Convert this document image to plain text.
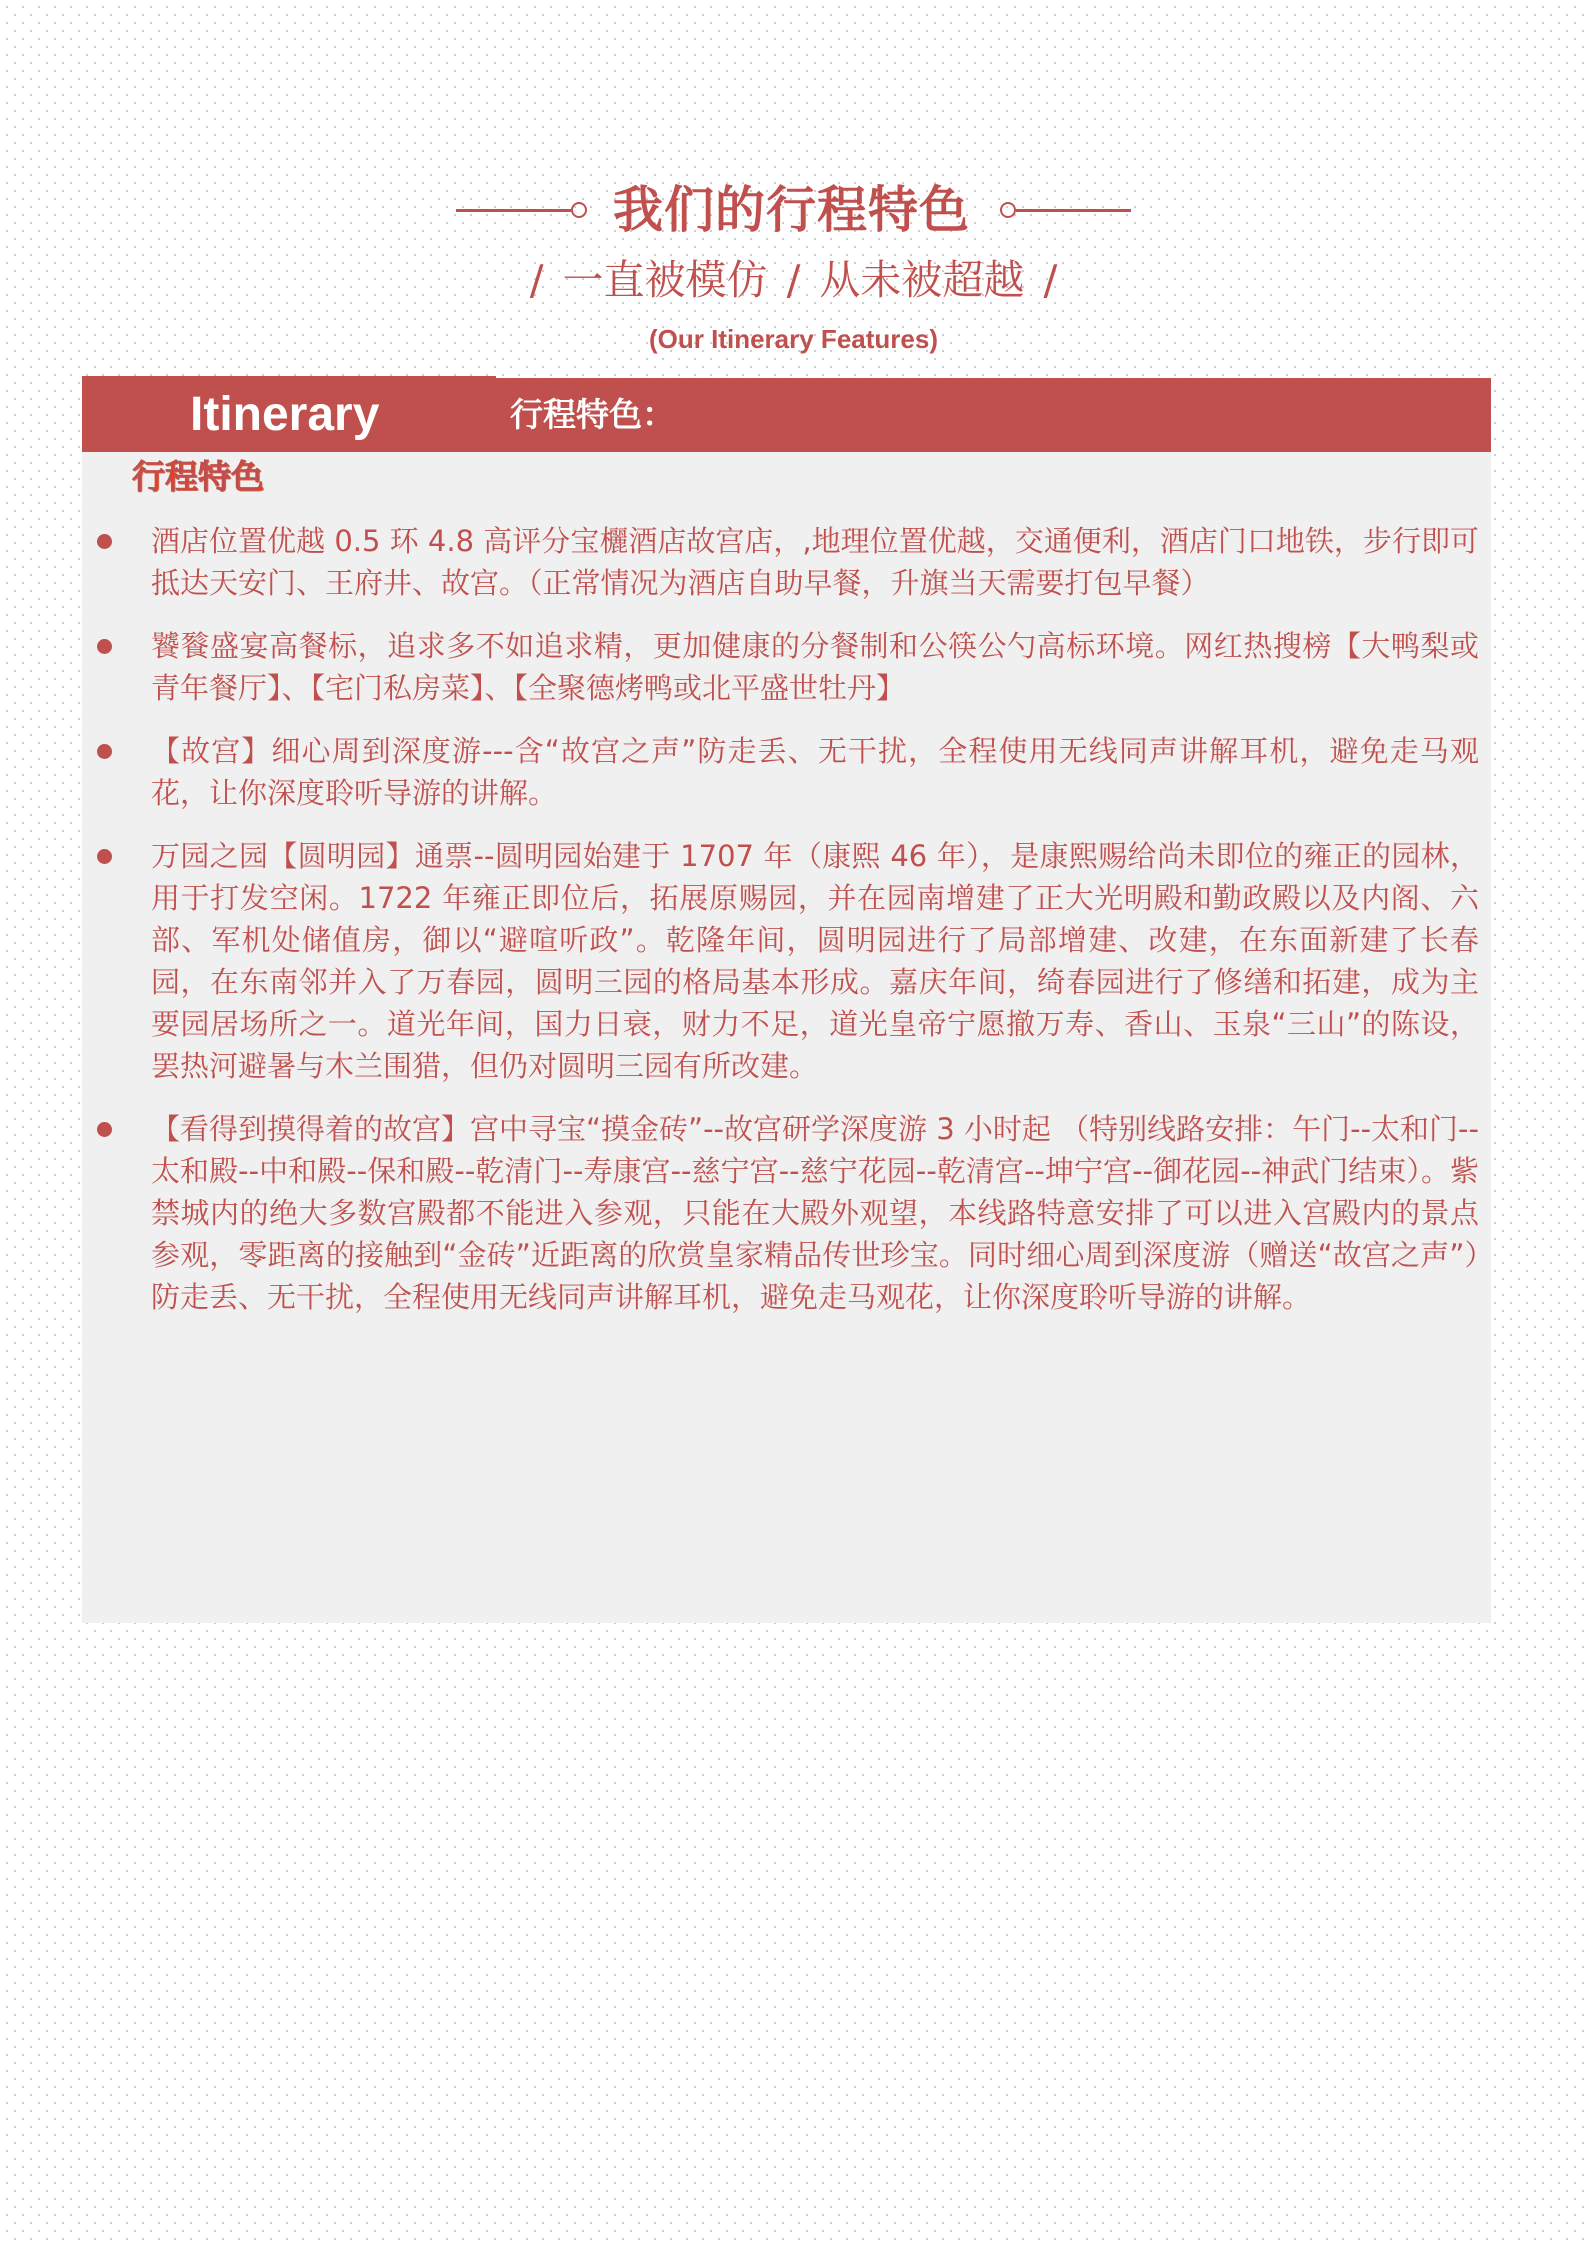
我们的行程特色
/ 一直被模仿 / 从未被超越 /
(Our Itinerary Features)
Itinerary	行程特色：
行程特色
酒店位置优越 0.5 环 4.8 高评分宝欐酒店故宫店，,地理位置优越，交通便利，酒店门口地铁，步行即可抵达天安门、王府井、故宫。（正常情况为酒店自助早餐，升旗当天需要打包早餐）
饕餮盛宴高餐标，追求多不如追求精，更加健康的分餐制和公筷公勺高标环境。网红热搜榜【大鸭梨或青年餐厅】、【宅门私房菜】、【全聚德烤鸭或北平盛世牡丹】
【故宫】细心周到深度游---含“故宫之声”防走丢、无干扰，全程使用无线同声讲解耳机，避免走马观花，让你深度聆听导游的讲解。
万园之园【圆明园】通票--圆明园始建于 1707 年（康熙 46 年），是康熙赐给尚未即位的雍正的园林，用于打发空闲。1722 年雍正即位后，拓展原赐园，并在园南增建了正大光明殿和勤政殿以及内阁、六部、军机处储值房，御以“避喧听政”。乾隆年间，圆明园进行了局部增建、改建，在东面新建了长春园，在东南邻并入了万春园，圆明三园的格局基本形成。嘉庆年间，绮春园进行了修缮和拓建，成为主要园居场所之一。道光年间，国力日衰，财力不足，道光皇帝宁愿撤万寿、香山、玉泉“三山”的陈设，罢热河避暑与木兰围猎，但仍对圆明三园有所改建。
【看得到摸得着的故宫】宫中寻宝“摸金砖”--故宫研学深度游 3 小时起 （特别线路安排：午门--太和门--太和殿--中和殿--保和殿--乾清门--寿康宫--慈宁宫--慈宁花园--乾清宫--坤宁宫--御花园--神武门结束）。紫禁城内的绝大多数宫殿都不能进入参观，只能在大殿外观望，本线路特意安排了可以进入宫殿内的景点参观，零距离的接触到“金砖”近距离的欣赏皇家精品传世珍宝。同时细心周到深度游（赠送“故宫之声”）防走丢、无干扰，全程使用无线同声讲解耳机，避免走马观花，让你深度聆听导游的讲解。
